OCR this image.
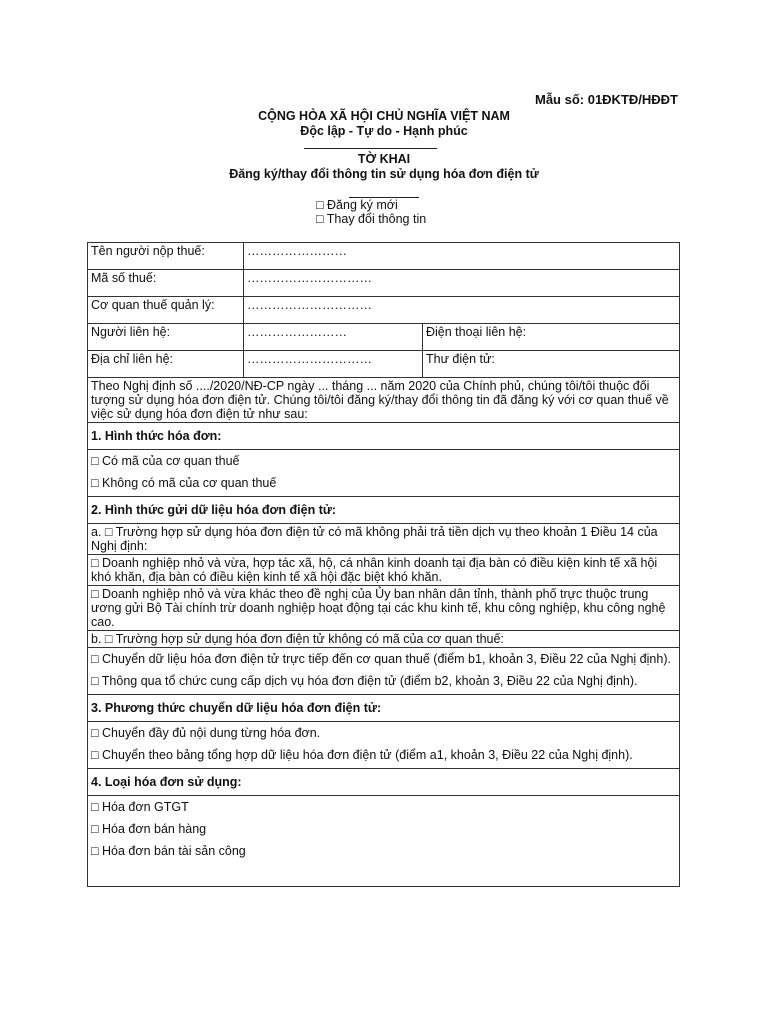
Mẫu số: 01ĐKTĐ/HĐĐT
CỘNG HÒA XÃ HỘI CHỦ NGHĨA VIỆT NAM
Độc lập - Tự do - Hạnh phúc
TỜ KHAI
Đăng ký/thay đổi thông tin sử dụng hóa đơn điện tử
□ Đăng ký mới
□ Thay đổi thông tin
Tên người nộp thuế:	……………………	
Mã số thuế:	…………………………	
Cơ quan thuế quản lý:	…………………………	
Người liên hệ:	……………………	Điện thoại liên hệ:
Địa chỉ liên hệ:	…………………………	Thư điện tử:
Theo Nghị định số ..../2020/NĐ-CP ngày ... tháng ... năm 2020 của Chính phủ, chúng tôi/tôi thuộc đối tượng sử dụng hóa đơn điện tử. Chúng tôi/tôi đăng ký/thay đổi thông tin đã đăng ký với cơ quan thuế về việc sử dụng hóa đơn điện tử như sau:		
1. Hình thức hóa đơn:		

□ Có mã của cơ quan thuế
□ Không có mã của cơ quan thuế		

2. Hình thức gửi dữ liệu hóa đơn điện tử:		
a. □ Trường hợp sử dụng hóa đơn điện tử có mã không phải trả tiền dịch vụ theo khoản 1 Điều 14 của Nghị định:		
□ Doanh nghiệp nhỏ và vừa, hợp tác xã, hộ, cá nhân kinh doanh tại địa bàn có điều kiện kinh tế xã hội khó khăn, địa bàn có điều kiện kinh tế xã hội đặc biệt khó khăn.		
□ Doanh nghiệp nhỏ và vừa khác theo đề nghị của Ủy ban nhân dân tỉnh, thành phố trực thuộc trung ương gửi Bộ Tài chính trừ doanh nghiệp hoạt động tại các khu kinh tế, khu công nghiệp, khu công nghệ cao.		
b. □ Trường hợp sử dụng hóa đơn điện tử không có mã của cơ quan thuế:		

□ Chuyển dữ liệu hóa đơn điện tử trực tiếp đến cơ quan thuế (điểm b1, khoản 3, Điều 22 của Nghị định).
□ Thông qua tổ chức cung cấp dịch vụ hóa đơn điện tử (điểm b2, khoản 3, Điều 22 của Nghị định).		

3. Phương thức chuyển dữ liệu hóa đơn điện tử:		

□ Chuyển đầy đủ nội dung từng hóa đơn.
□ Chuyển theo bảng tổng hợp dữ liệu hóa đơn điện tử (điểm a1, khoản 3, Điều 22 của Nghị định).		

4. Loại hóa đơn sử dụng:		

□ Hóa đơn GTGT
□ Hóa đơn bán hàng
□ Hóa đơn bán tài sản công		
